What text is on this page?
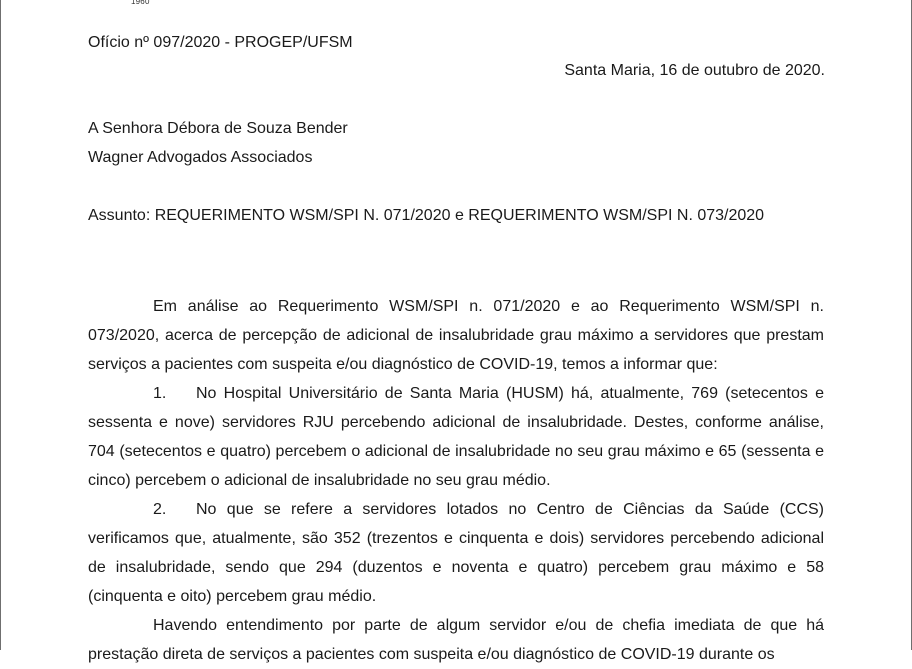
1960
Ofício nº 097/2020 - PROGEP/UFSM
Santa Maria, 16 de outubro de 2020.
A Senhora Débora de Souza Bender
Wagner Advogados Associados
Assunto: REQUERIMENTO WSM/SPI N. 071/2020 e REQUERIMENTO WSM/SPI N. 073/2020

Em análise ao Requerimento WSM/SPI n. 071/2020 e ao Requerimento WSM/SPI n. 073/2020, acerca de percepção de adicional de insalubridade grau máximo a servidores que prestam serviços a pacientes com suspeita e/ou diagnóstico de COVID-19, temos a informar que:

1. No Hospital Universitário de Santa Maria (HUSM) há, atualmente, 769 (setecentos e sessenta e nove) servidores RJU percebendo adicional de insalubridade. Destes, conforme análise, 704 (setecentos e quatro) percebem o adicional de insalubridade no seu grau máximo e 65 (sessenta e cinco) percebem o adicional de insalubridade no seu grau médio.

2. No que se refere a servidores lotados no Centro de Ciências da Saúde (CCS) verificamos que, atualmente, são 352 (trezentos e cinquenta e dois) servidores percebendo adicional de insalubridade, sendo que 294 (duzentos e noventa e quatro) percebem grau máximo e 58 (cinquenta e oito) percebem grau médio.

Havendo entendimento por parte de algum servidor e/ou de chefia imediata de que há prestação direta de serviços a pacientes com suspeita e/ou diagnóstico de COVID-19 durante os
